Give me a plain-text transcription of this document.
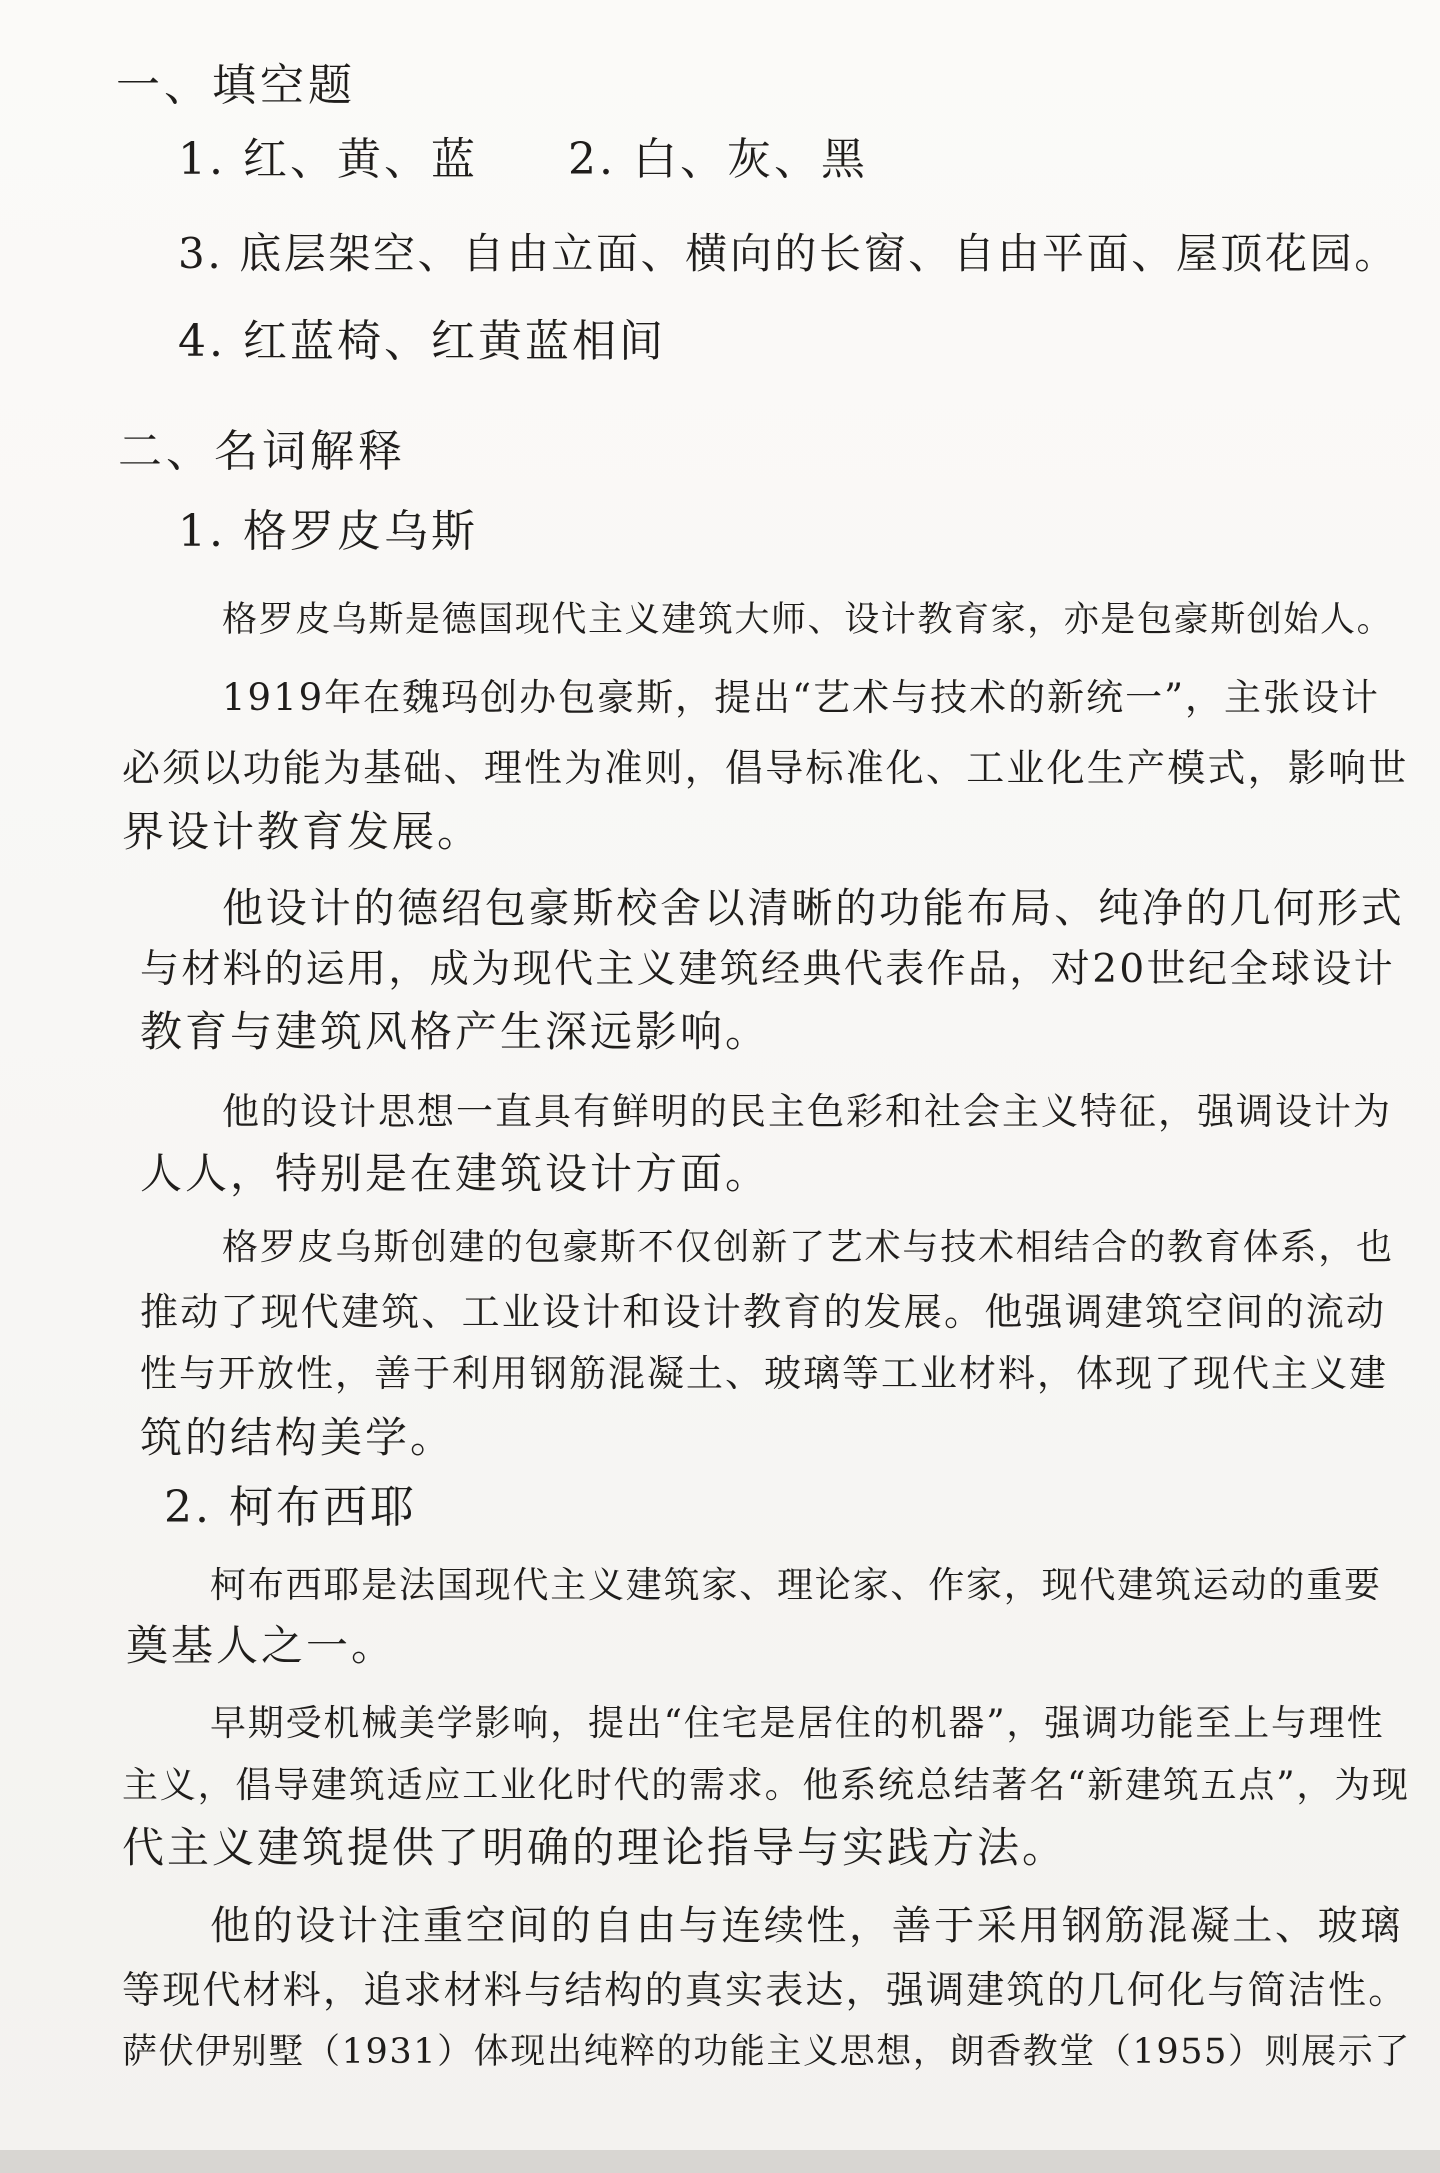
一、填空题
1. 红、黄、蓝 2. 白、灰、黑
3. 底层架空、自由立面、横向的长窗、自由平面、屋顶花园。
4. 红蓝椅、红黄蓝相间
二、名词解释
1. 格罗皮乌斯
格罗皮乌斯是德国现代主义建筑大师、设计教育家，亦是包豪斯创始人。
1919年在魏玛创办包豪斯，提出“艺术与技术的新统一”，主张设计
必须以功能为基础、理性为准则，倡导标准化、工业化生产模式，影响世
界设计教育发展。
他设计的德绍包豪斯校舍以清晰的功能布局、纯净的几何形式
与材料的运用，成为现代主义建筑经典代表作品，对20世纪全球设计
教育与建筑风格产生深远影响。
他的设计思想一直具有鲜明的民主色彩和社会主义特征，强调设计为
人人，特别是在建筑设计方面。
格罗皮乌斯创建的包豪斯不仅创新了艺术与技术相结合的教育体系，也
推动了现代建筑、工业设计和设计教育的发展。他强调建筑空间的流动
性与开放性，善于利用钢筋混凝土、玻璃等工业材料，体现了现代主义建
筑的结构美学。
2. 柯布西耶
柯布西耶是法国现代主义建筑家、理论家、作家，现代建筑运动的重要
奠基人之一。
早期受机械美学影响，提出“住宅是居住的机器”，强调功能至上与理性
主义，倡导建筑适应工业化时代的需求。他系统总结著名“新建筑五点”，为现
代主义建筑提供了明确的理论指导与实践方法。
他的设计注重空间的自由与连续性，善于采用钢筋混凝土、玻璃
等现代材料，追求材料与结构的真实表达，强调建筑的几何化与简洁性。
萨伏伊别墅（1931）体现出纯粹的功能主义思想，朗香教堂（1955）则展示了
